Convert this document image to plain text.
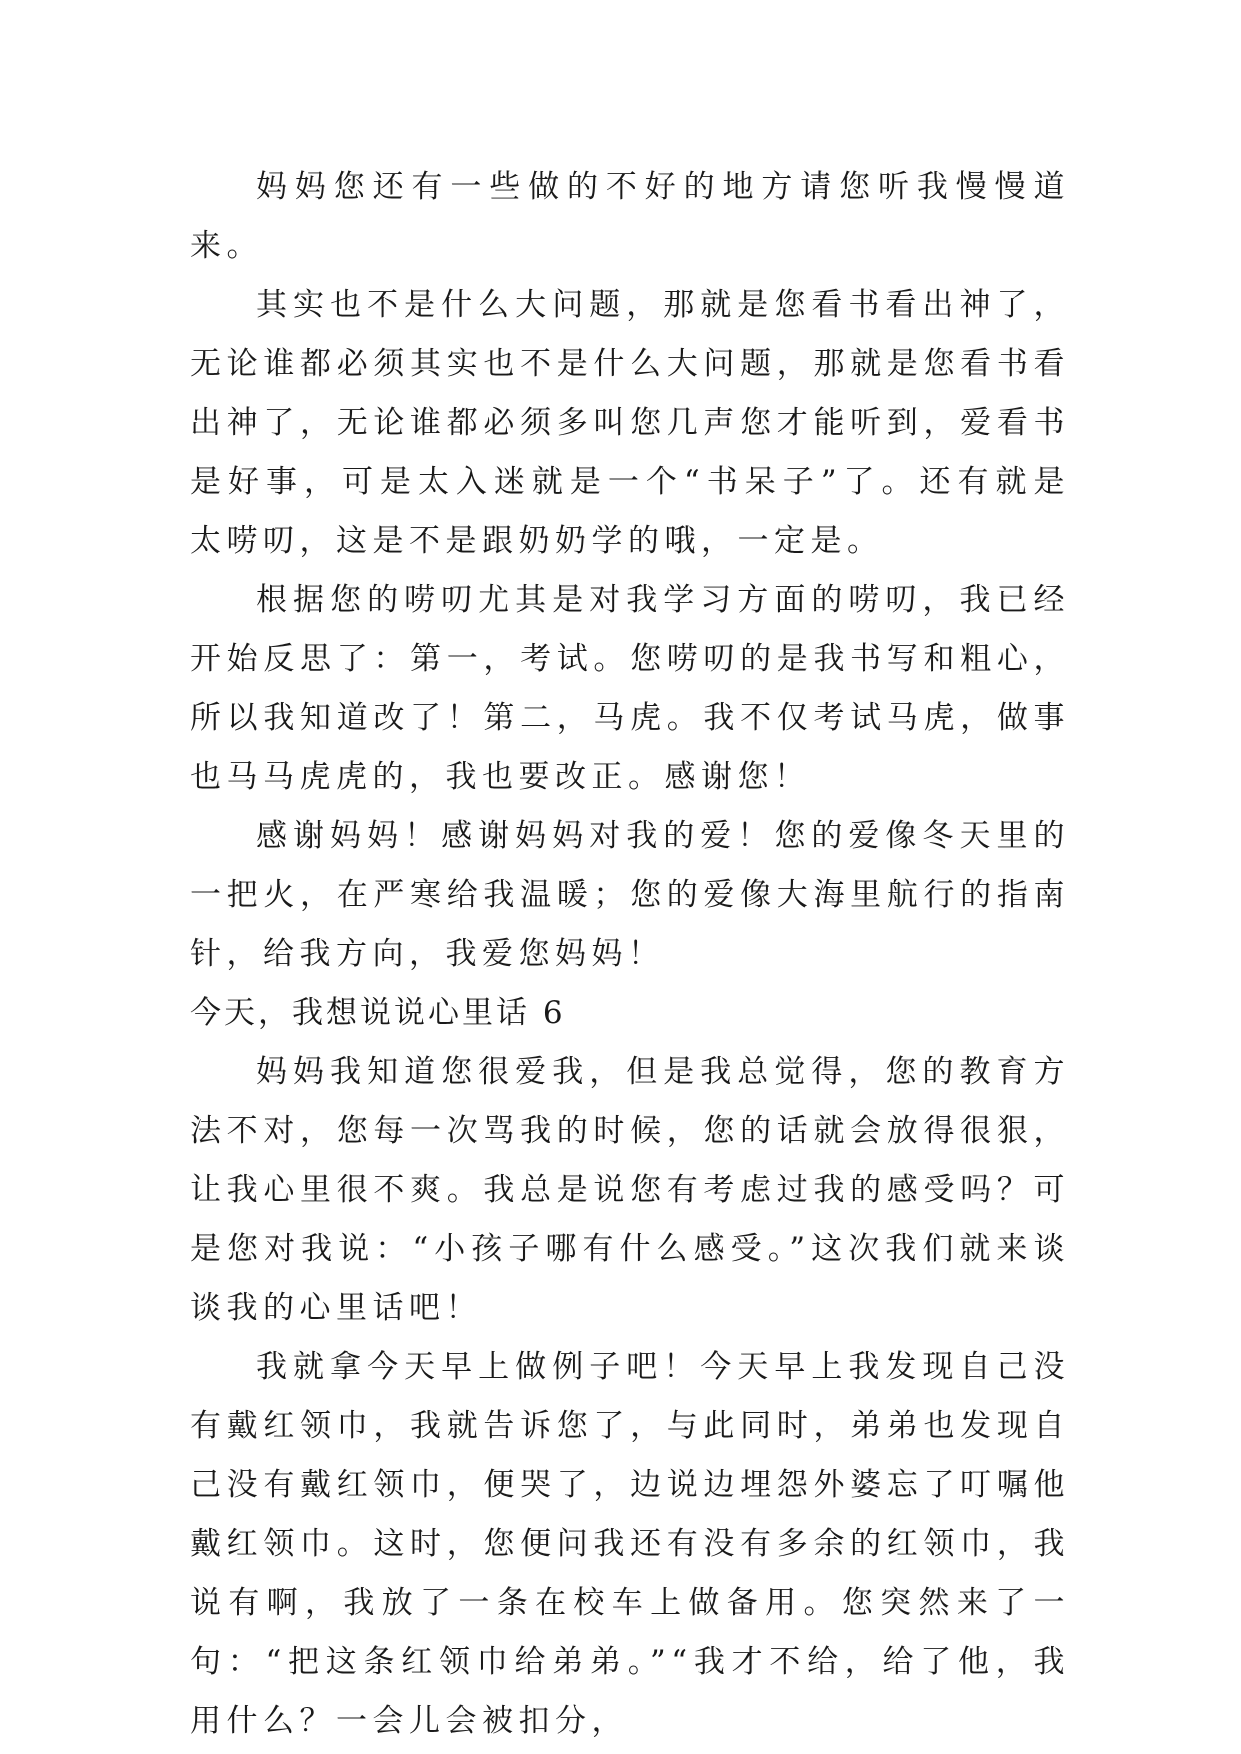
妈妈您还有一些做的不好的地方请您听我慢慢道来。

其实也不是什么大问题，那就是您看书看出神了，无论谁都必须其实也不是什么大问题，那就是您看书看出神了，无论谁都必须多叫您几声您才能听到，爱看书是好事，可是太入迷就是一个“书呆子”了。还有就是太唠叨，这是不是跟奶奶学的哦，一定是。

根据您的唠叨尤其是对我学习方面的唠叨，我已经开始反思了：第一，考试。您唠叨的是我书写和粗心，所以我知道改了！第二，马虎。我不仅考试马虎，做事也马马虎虎的，我也要改正。感谢您！

感谢妈妈！感谢妈妈对我的爱！您的爱像冬天里的一把火，在严寒给我温暖；您的爱像大海里航行的指南针，给我方向，我爱您妈妈！

今天，我想说说心里话 6

妈妈我知道您很爱我，但是我总觉得，您的教育方法不对，您每一次骂我的时候，您的话就会放得很狠，让我心里很不爽。我总是说您有考虑过我的感受吗？可是您对我说：“小孩子哪有什么感受。”这次我们就来谈谈我的心里话吧！

我就拿今天早上做例子吧！今天早上我发现自己没有戴红领巾，我就告诉您了，与此同时，弟弟也发现自己没有戴红领巾，便哭了，边说边埋怨外婆忘了叮嘱他戴红领巾。这时，您便问我还有没有多余的红领巾，我说有啊，我放了一条在校车上做备用。您突然来了一句：“把这条红领巾给弟弟。”“我才不给，给了他，我用什么？一会儿会被扣分，
